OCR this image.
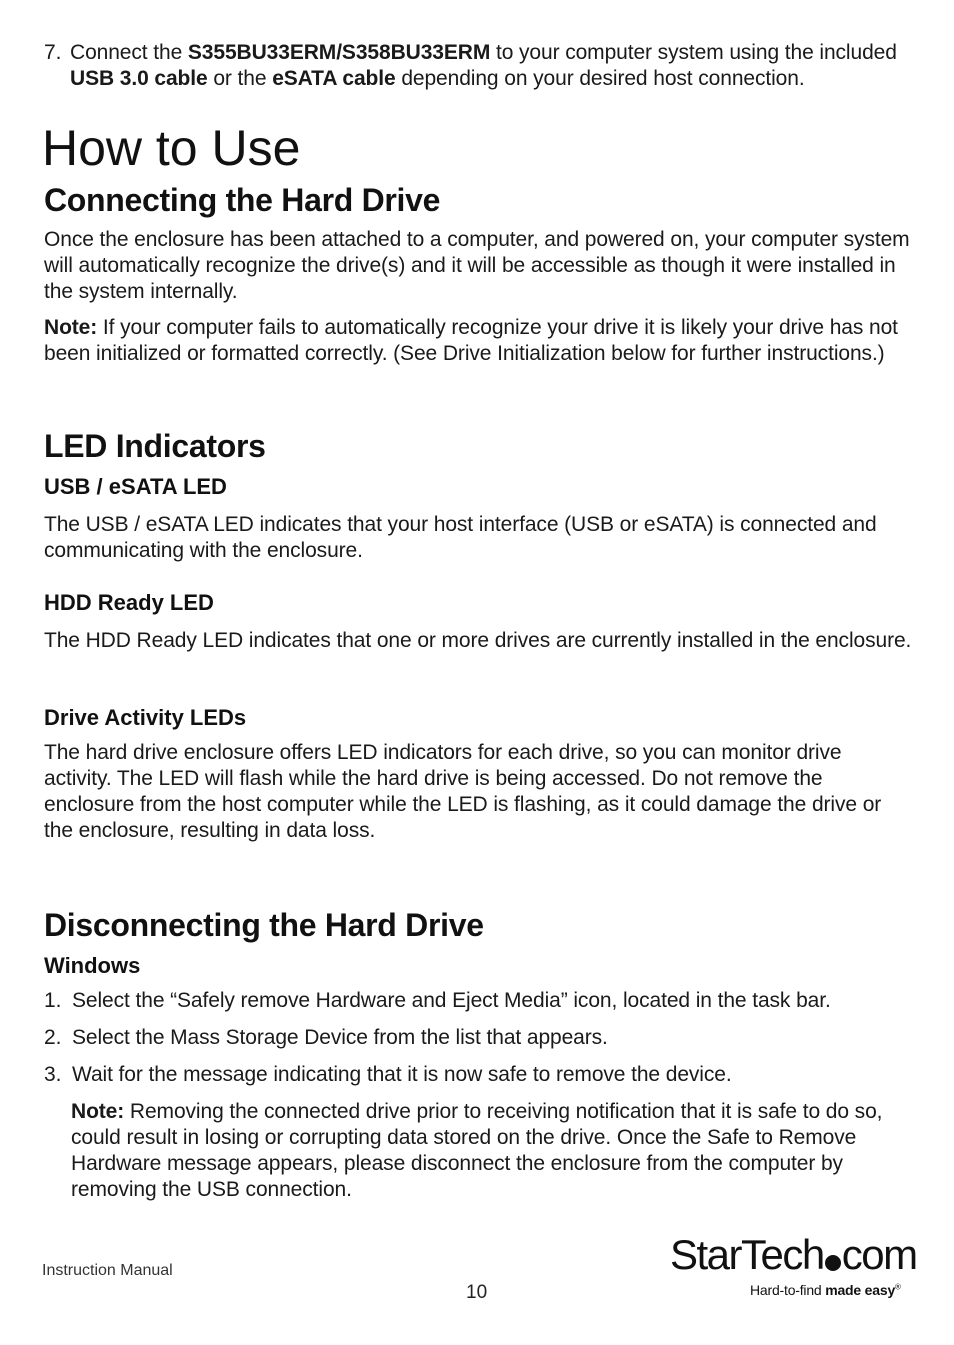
7. Connect the S355BU33ERM/S358BU33ERM to your computer system using the included USB 3.0 cable or the eSATA cable depending on your desired host connection.
How to Use
Connecting the Hard Drive

Once the enclosure has been attached to a computer, and powered on, your computer system will automatically recognize the drive(s) and it will be accessible as though it were installed in the system internally.

Note: If your computer fails to automatically recognize your drive it is likely your drive has not been initialized or formatted correctly. (See Drive Initialization below for further instructions.)

LED Indicators
USB / eSATA LED

The USB / eSATA LED indicates that your host interface (USB or eSATA) is connected and communicating with the enclosure.

HDD Ready LED

The HDD Ready LED indicates that one or more drives are currently installed in the enclosure.

Drive Activity LEDs

The hard drive enclosure offers LED indicators for each drive, so you can monitor drive activity. The LED will flash while the hard drive is being accessed. Do not remove the enclosure from the host computer while the LED is flashing, as it could damage the drive or the enclosure, resulting in data loss.

Disconnecting the Hard Drive
Windows
1. Select the “Safely remove Hardware and Eject Media” icon, located in the task bar.
2. Select the Mass Storage Device from the list that appears.
3. Wait for the message indicating that it is now safe to remove the device.

Note: Removing the connected drive prior to receiving notification that it is safe to do so, could result in losing or corrupting data stored on the drive. Once the Safe to Remove Hardware message appears, please disconnect the enclosure from the computer by removing the USB connection.

Instruction Manual
10
StarTech com
Hard-to-find made easy®
